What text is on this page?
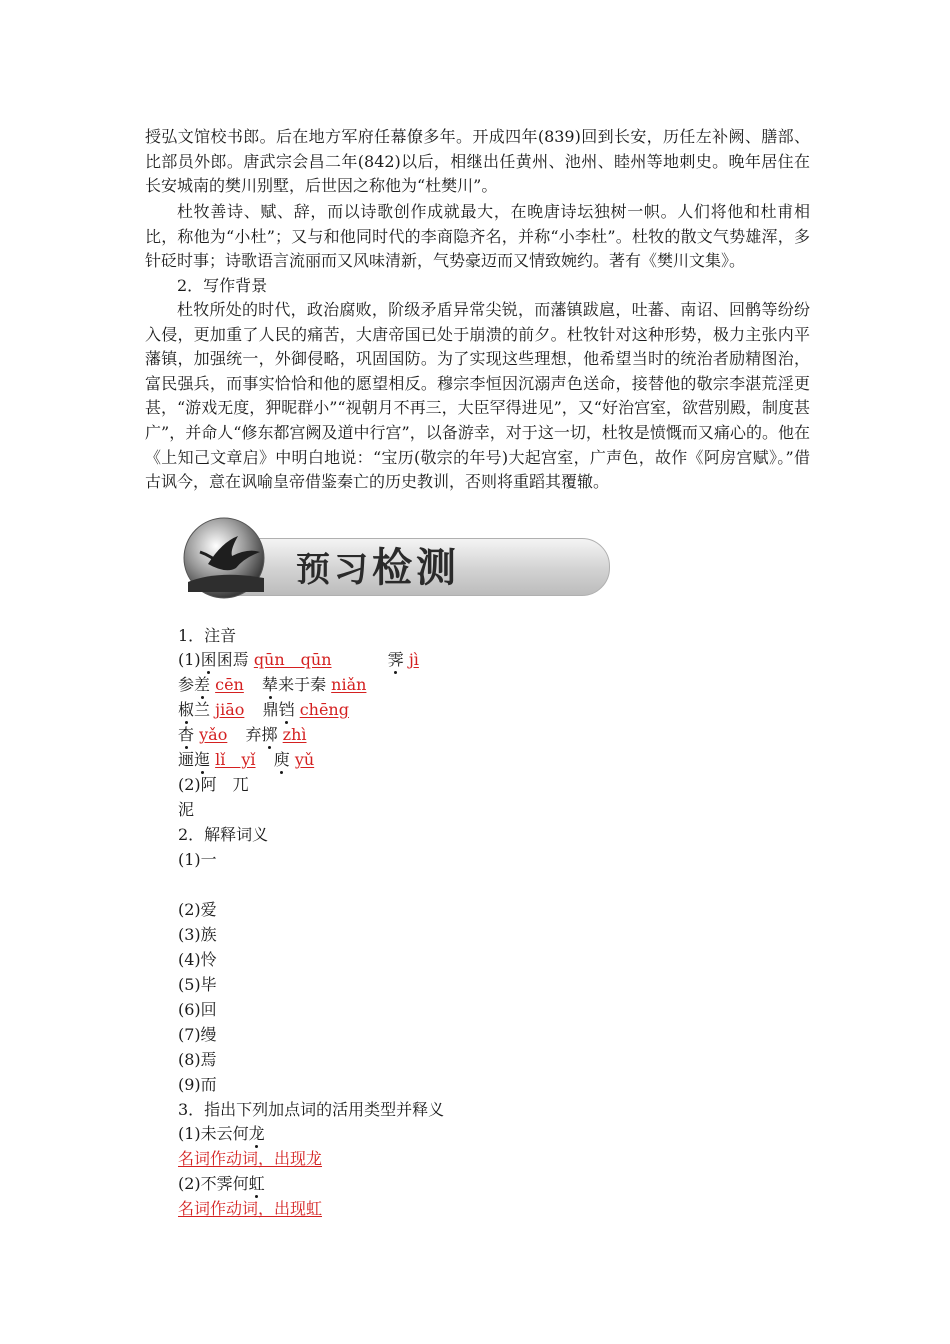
授弘文馆校书郎。后在地方军府任幕僚多年。开成四年(839)回到长安，历任左补阙、膳部、比部员外郎。唐武宗会昌二年(842)以后，相继出任黄州、池州、睦州等地刺史。晚年居住在长安城南的樊川别墅，后世因之称他为“杜樊川”。

杜牧善诗、赋、辞，而以诗歌创作成就最大，在晚唐诗坛独树一帜。人们将他和杜甫相比，称他为“小杜”；又与和他同时代的李商隐齐名，并称“小李杜”。杜牧的散文气势雄浑，多针砭时事；诗歌语言流丽而又风味清新，气势豪迈而又情致婉约。著有《樊川文集》。

2．写作背景

杜牧所处的时代，政治腐败，阶级矛盾异常尖锐，而藩镇跋扈，吐蕃、南诏、回鹘等纷纷入侵，更加重了人民的痛苦，大唐帝国已处于崩溃的前夕。杜牧针对这种形势，极力主张内平藩镇，加强统一，外御侵略，巩固国防。为了实现这些理想，他希望当时的统治者励精图治，富民强兵，而事实恰恰和他的愿望相反。穆宗李恒因沉溺声色送命，接替他的敬宗李湛荒淫更甚，“游戏无度，狎昵群小”“视朝月不再三，大臣罕得进见”，又“好治宫室，欲营别殿，制度甚广”，并命人“修东都宫阙及道中行宫”，以备游幸，对于这一切，杜牧是愤慨而又痛心的。他在《上知己文章启》中明白地说：“宝历(敬宗的年号)大起宫室，广声色，故作《阿房宫赋》。”借古讽今，意在讽喻皇帝借鉴秦亡的历史教训，否则将重蹈其覆辙。

预习检测
1．注音
(1)囷囷焉 qūn　qūn	霁 jì
参差 cēn 辇来于秦 niǎn
椒兰 jiāo 鼎铛 chēng
杳 yǎo 弃掷 zhì
逦迤 lǐ　yǐ 庾 yǔ
(2)阿　兀
泥
2．解释词义
(1)一
(2)爱
(3)族
(4)怜
(5)毕
(6)回
(7)缦
(8)焉
(9)而
3．指出下列加点词的活用类型并释义
(1)未云何龙
名词作动词，出现龙
(2)不霁何虹
名词作动词，出现虹
